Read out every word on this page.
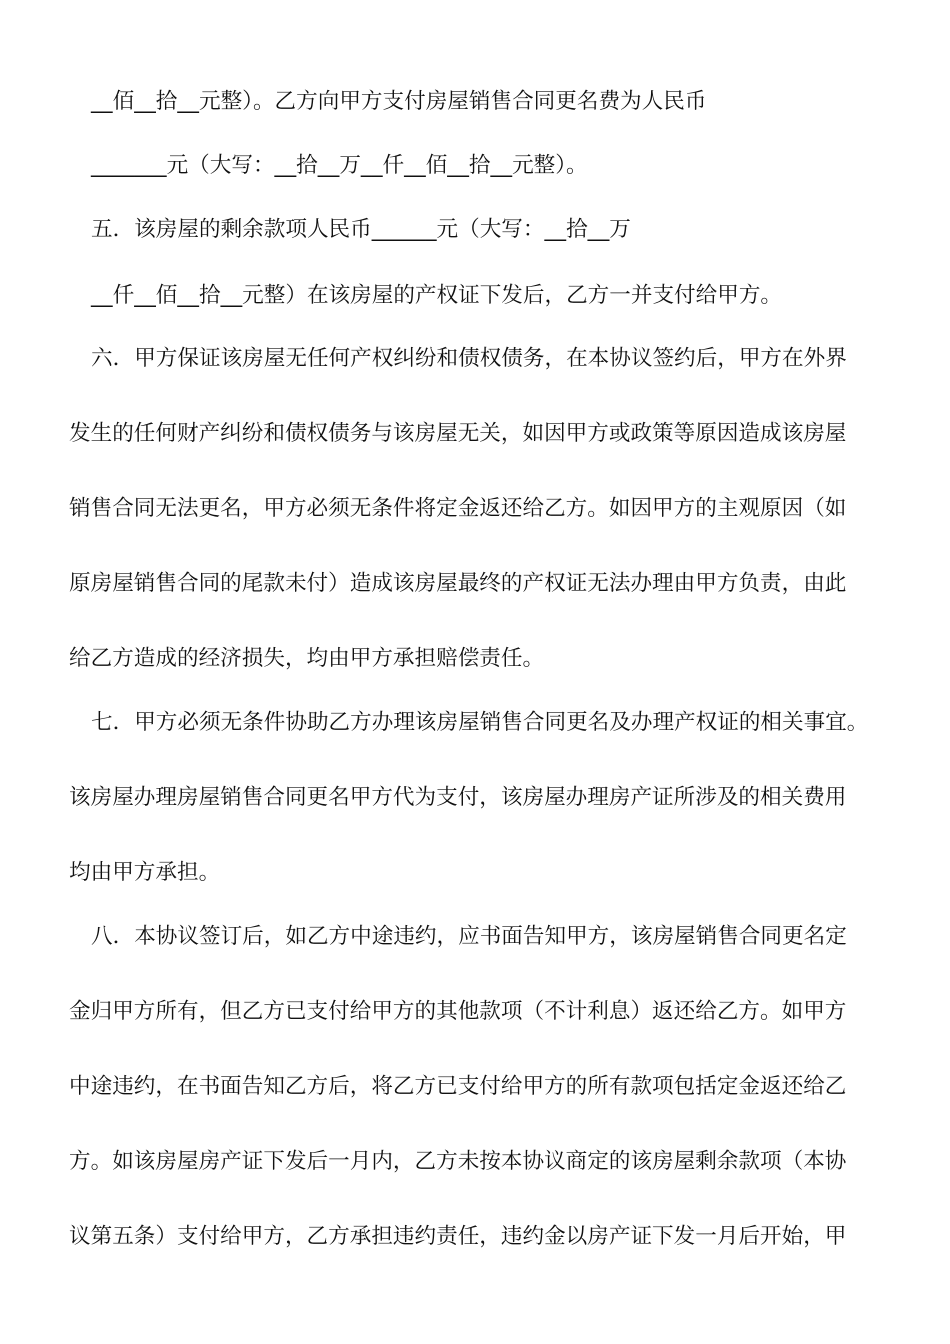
__佰__拾__元整）。乙方向甲方支付房屋销售合同更名费为人民币
_______元（大写：__拾__万__仟__佰__拾__元整）。
五．该房屋的剩余款项人民币______元（大写：__拾__万
__仟__佰__拾__元整）在该房屋的产权证下发后，乙方一并支付给甲方。
六．甲方保证该房屋无任何产权纠纷和债权债务，在本协议签约后，甲方在外界
发生的任何财产纠纷和债权债务与该房屋无关，如因甲方或政策等原因造成该房屋
销售合同无法更名，甲方必须无条件将定金返还给乙方。如因甲方的主观原因（如
原房屋销售合同的尾款未付）造成该房屋最终的产权证无法办理由甲方负责，由此
给乙方造成的经济损失，均由甲方承担赔偿责任。
七．甲方必须无条件协助乙方办理该房屋销售合同更名及办理产权证的相关事宜。
该房屋办理房屋销售合同更名甲方代为支付，该房屋办理房产证所涉及的相关费用
均由甲方承担。
八．本协议签订后，如乙方中途违约，应书面告知甲方，该房屋销售合同更名定
金归甲方所有，但乙方已支付给甲方的其他款项（不计利息）返还给乙方。如甲方
中途违约，在书面告知乙方后，将乙方已支付给甲方的所有款项包括定金返还给乙
方。如该房屋房产证下发后一月内，乙方未按本协议商定的该房屋剩余款项（本协
议第五条）支付给甲方，乙方承担违约责任，违约金以房产证下发一月后开始，甲
